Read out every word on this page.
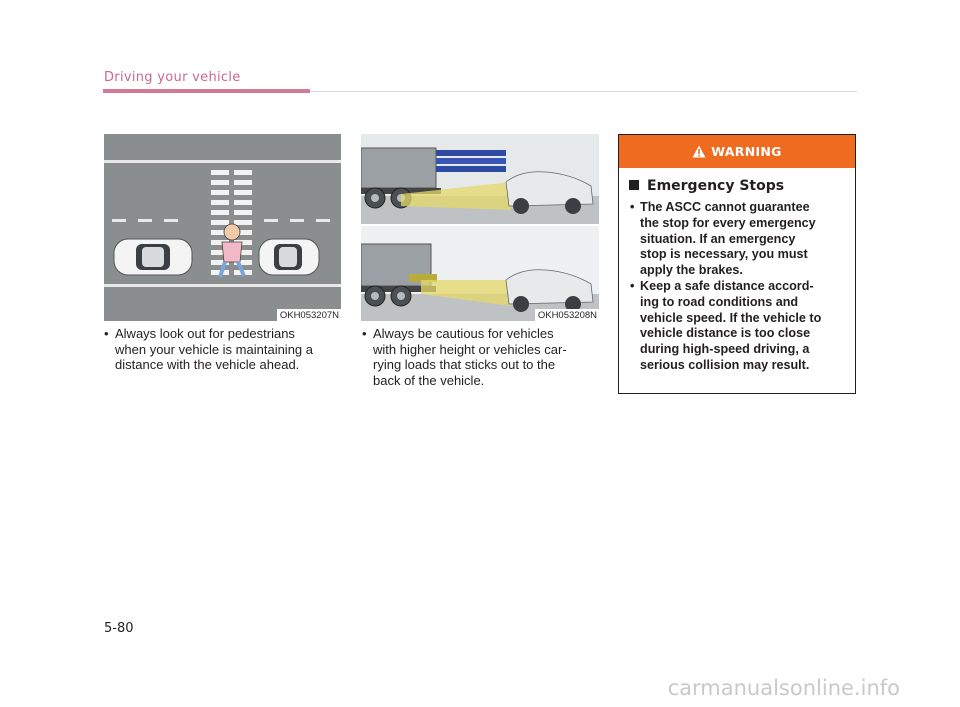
Driving your vehicle
OKH053207N	OKH053208N
• Always look out for pedestrians
when your vehicle is maintaining a
distance with the vehicle ahead.
• Always be cautious for vehicles
with higher height or vehicles car-
rying loads that sticks out to the
back of the vehicle.
WARNING
Emergency Stops
• The ASCC cannot guarantee
the stop for every emergency
situation. If an emergency
stop is necessary, you must
apply the brakes.
• Keep a safe distance accord-
ing to road conditions and
vehicle speed. If the vehicle to
vehicle distance is too close
during high-speed driving, a
serious collision may result.
5-80
carmanualsonline.info
